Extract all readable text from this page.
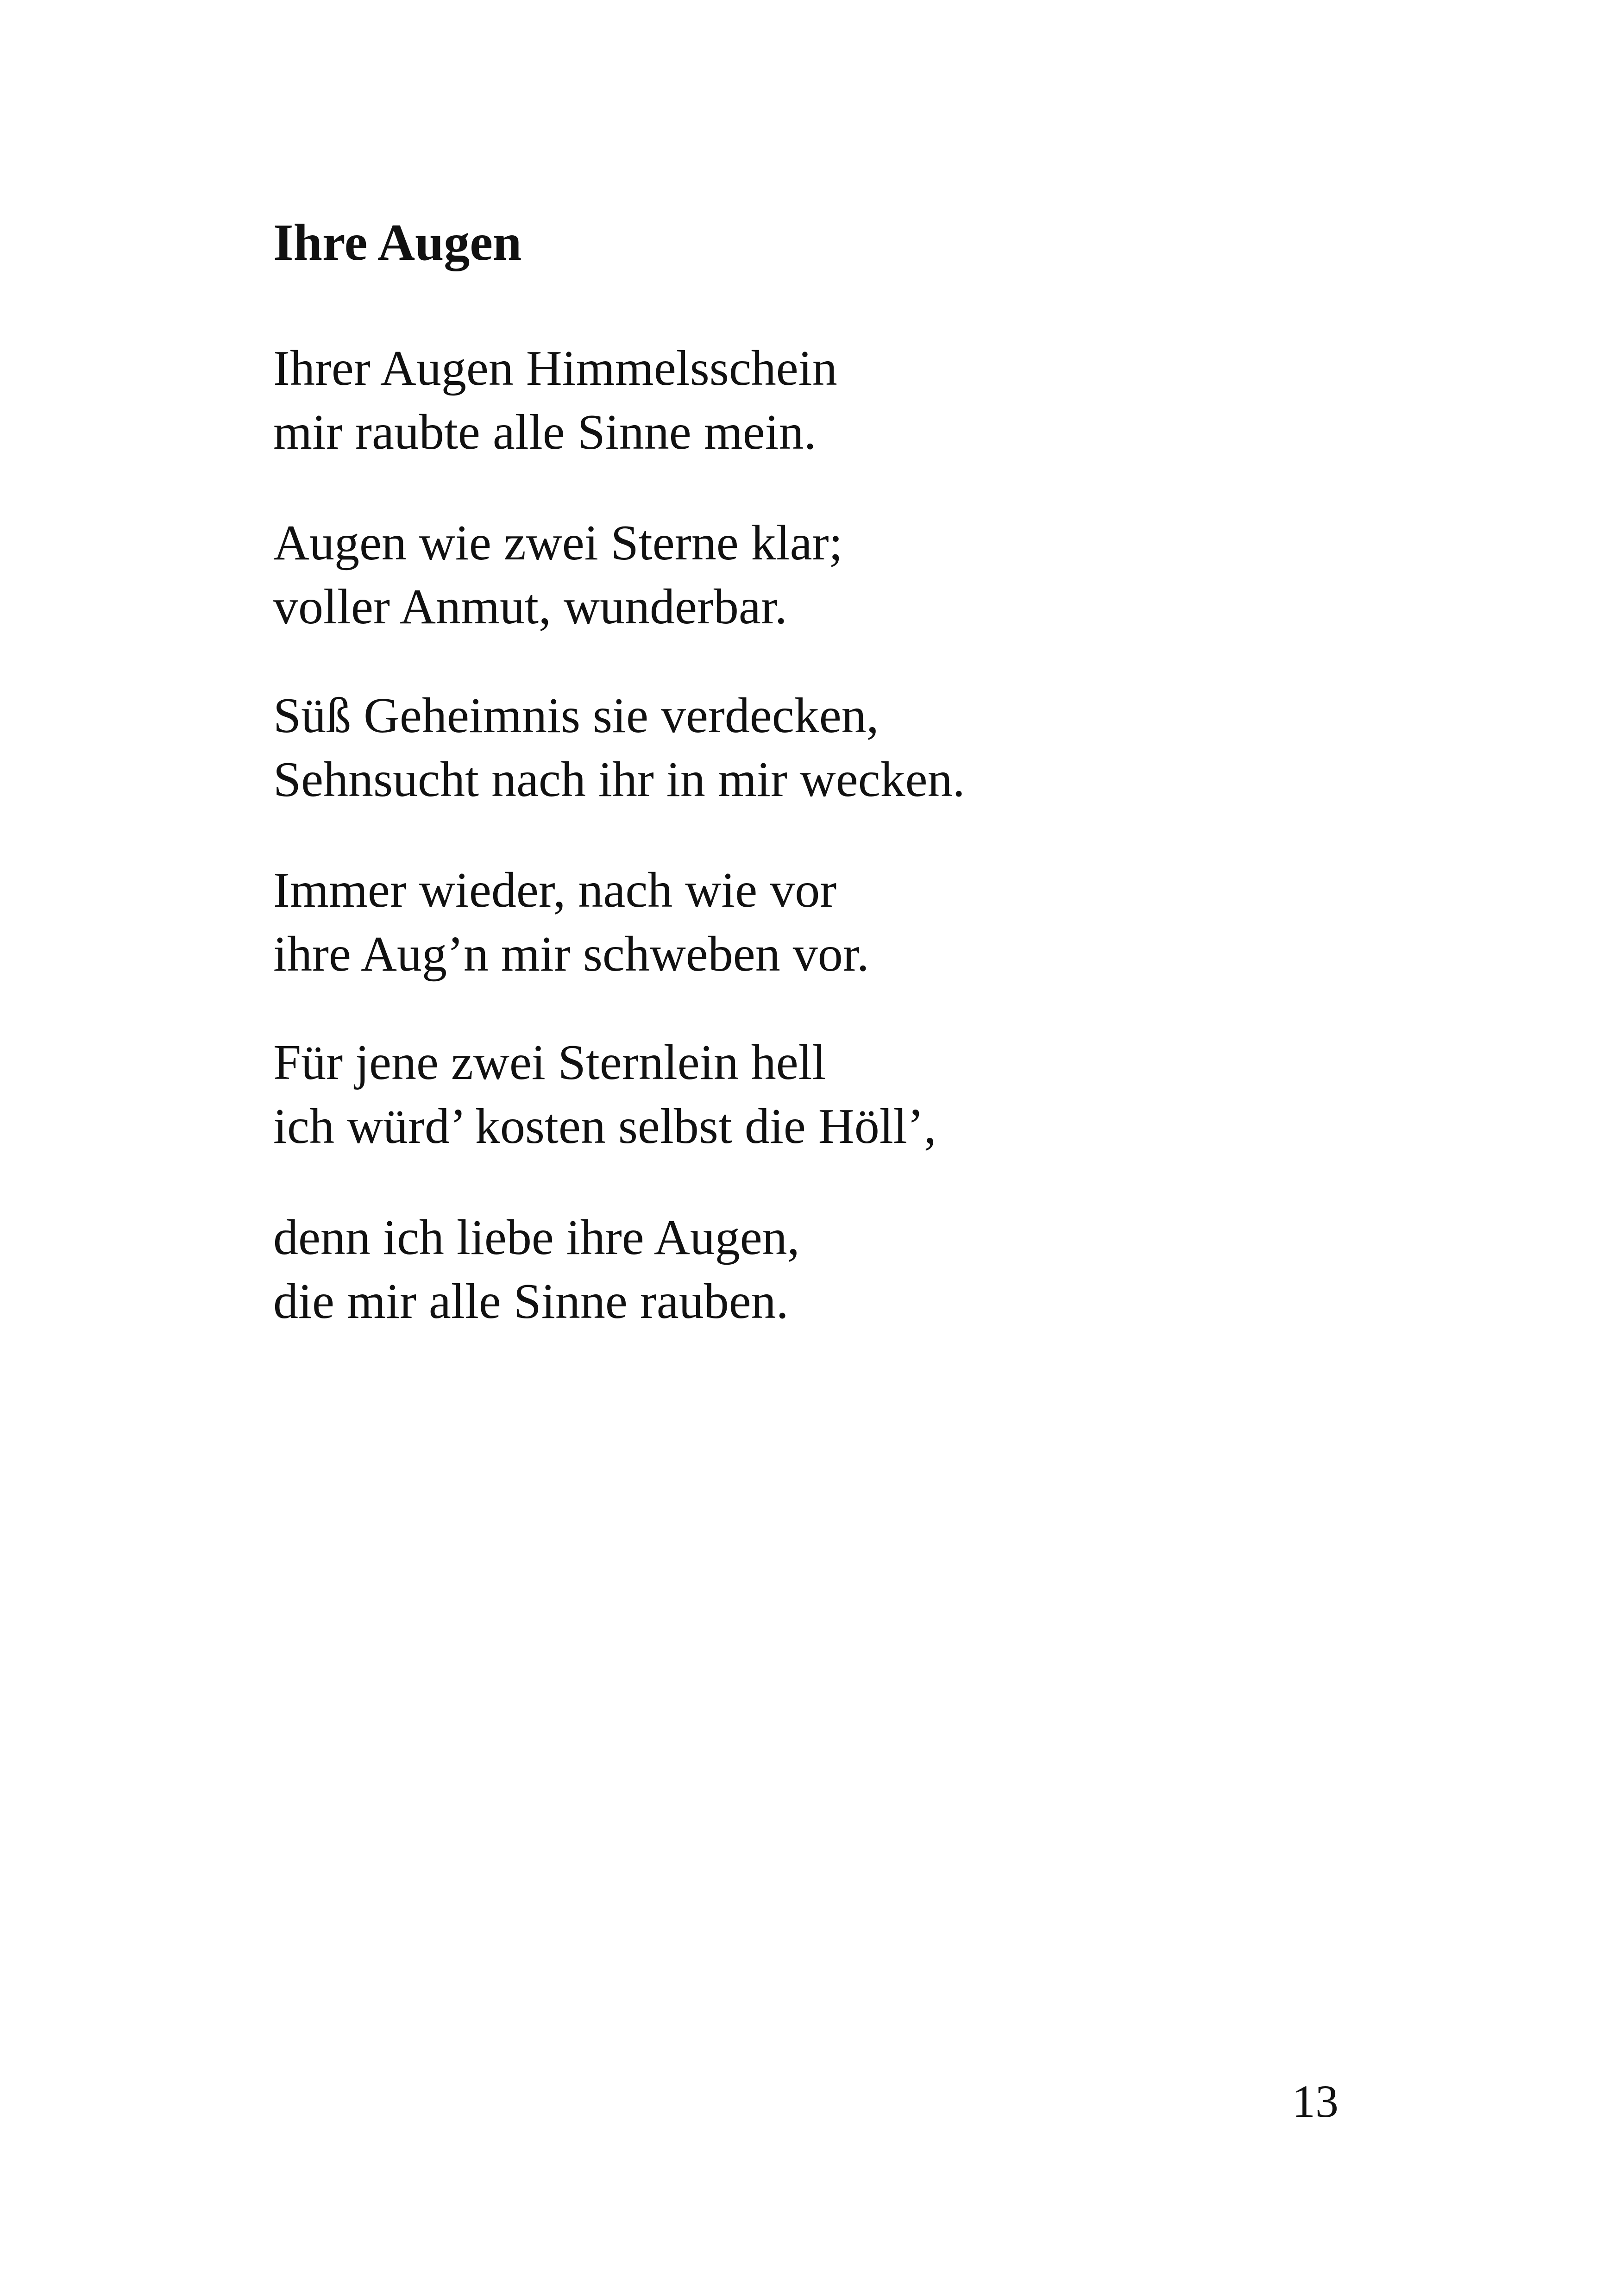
Ihre Augen

Ihrer Augen Himmelsschein
mir raubte alle Sinne mein.

Augen wie zwei Sterne klar;
voller Anmut, wunderbar.

Süß Geheimnis sie verdecken,
Sehnsucht nach ihr in mir wecken.

Immer wieder, nach wie vor
ihre Aug’n mir schweben vor.

Für jene zwei Sternlein hell
ich würd’ kosten selbst die Höll’,

denn ich liebe ihre Augen,
die mir alle Sinne rauben.

13
